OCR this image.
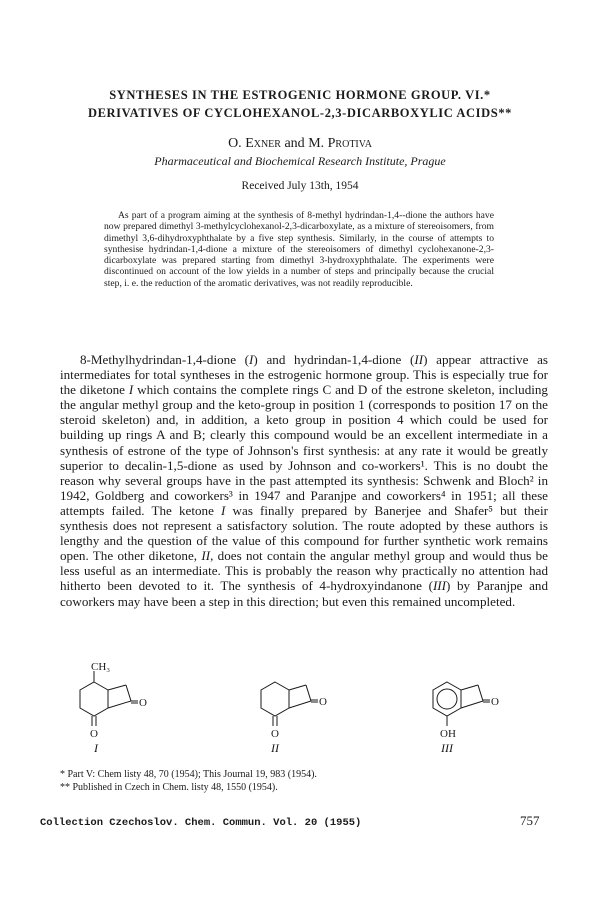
SYNTHESES IN THE ESTROGENIC HORMONE GROUP. VI.*
DERIVATIVES OF CYCLOHEXANOL-2,3-DICARBOXYLIC ACIDS**
O. Exner and M. Protiva
Pharmaceutical and Biochemical Research Institute, Prague
Received July 13th, 1954

As part of a program aiming at the synthesis of 8-methyl hydrindan-1,4--dione the authors have now prepared dimethyl 3-methylcyclohexanol-2,3-dicarboxylate, as a mixture of stereoisomers, from dimethyl 3,6-dihydroxyphthalate by a five step synthesis. Similarly, in the course of attempts to synthesise hydrindan-1,4-dione a mixture of the stereoisomers of dimethyl cyclohexanone-2,3-dicarboxylate was prepared starting from dimethyl 3-hydroxyphthalate. The experiments were discontinued on account of the low yields in a number of steps and principally because the crucial step, i. e. the reduction of the aromatic derivatives, was not readily reproducible.

8-Methylhydrindan-1,4-dione (I) and hydrindan-1,4-dione (II) appear attractive as intermediates for total syntheses in the estrogenic hormone group. This is especially true for the diketone I which contains the complete rings C and D of the estrone skeleton, including the angular methyl group and the keto-group in position 1 (corresponds to position 17 on the steroid skeleton) and, in addition, a keto group in position 4 which could be used for building up rings A and B; clearly this compound would be an excellent intermediate in a synthesis of estrone of the type of Johnson's first synthesis: at any rate it would be greatly superior to decalin-1,5-dione as used by Johnson and co-workers¹. This is no doubt the reason why several groups have in the past attempted its synthesis: Schwenk and Bloch² in 1942, Goldberg and coworkers³ in 1947 and Paranjpe and coworkers⁴ in 1951; all these attempts failed. The ketone I was finally prepared by Banerjee and Shafer⁵ but their synthesis does not represent a satisfactory solution. The route adopted by these authors is lengthy and the question of the value of this compound for further synthetic work remains open. The other diketone, II, does not contain the angular methyl group and would thus be less useful as an intermediate. This is probably the reason why practically no attention had hitherto been devoted to it. The synthesis of 4-hydroxyindanone (III) by Paranjpe and coworkers may have been a step in this direction; but even this remained uncompleted.

CH₃
O
O
O
O
O
OH
I	II	III
* Part V: Chem listy 48, 70 (1954); This Journal 19, 983 (1954).
** Published in Czech in Chem. listy 48, 1550 (1954).
Collection Czechoslov. Chem. Commun. Vol. 20 (1955)	757
